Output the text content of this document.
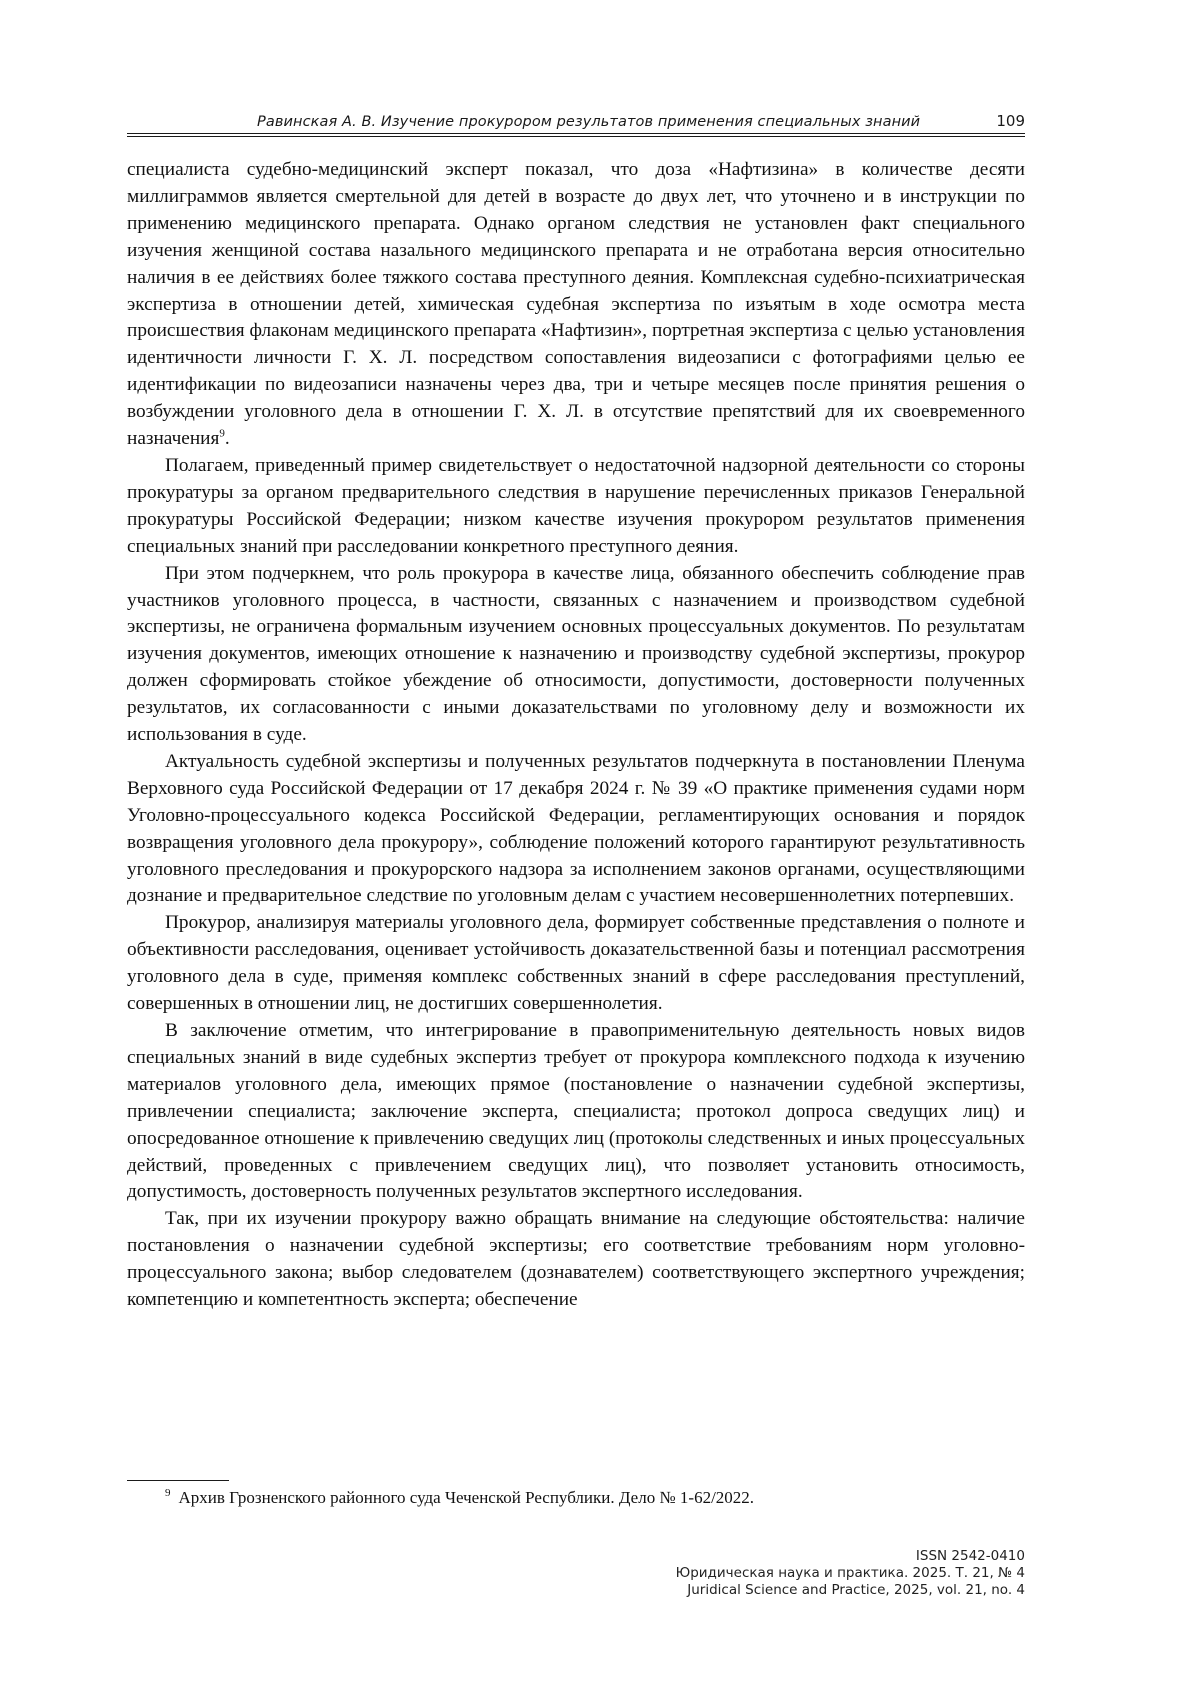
Равинская А. В. Изучение прокурором результатов применения специальных знаний	109

специалиста судебно-медицинский эксперт показал, что доза «Нафтизина» в количестве десяти миллиграммов является смертельной для детей в возрасте до двух лет, что уточнено и в инструкции по применению медицинского препарата. Однако органом следствия не установлен факт специального изучения женщиной состава назального медицинского препарата и не отработана версия относительно наличия в ее действиях более тяжкого состава преступного деяния. Комплексная судебно-психиатрическая экспертиза в отношении детей, химическая судебная экспертиза по изъятым в ходе осмотра места происшествия флаконам медицинского препарата «Нафтизин», портретная экспертиза с целью установления идентичности личности Г. Х. Л. посредством сопоставления видеозаписи с фотографиями целью ее идентификации по видеозаписи назначены через два, три и четыре месяцев после принятия решения о возбуждении уголовного дела в отношении Г. Х. Л. в отсутствие препятствий для их своевременного назначения$^9$.

Полагаем, приведенный пример свидетельствует о недостаточной надзорной деятельности со стороны прокуратуры за органом предварительного следствия в нарушение перечисленных приказов Генеральной прокуратуры Российской Федерации; низком качестве изучения прокурором результатов применения специальных знаний при расследовании конкретного преступного деяния.

При этом подчеркнем, что роль прокурора в качестве лица, обязанного обеспечить соблюдение прав участников уголовного процесса, в частности, связанных с назначением и производством судебной экспертизы, не ограничена формальным изучением основных процессуальных документов. По результатам изучения документов, имеющих отношение к назначению и производству судебной экспертизы, прокурор должен сформировать стойкое убеждение об относимости, допустимости, достоверности полученных результатов, их согласованности с иными доказательствами по уголовному делу и возможности их использования в суде.

Актуальность судебной экспертизы и полученных результатов подчеркнута в постановлении Пленума Верховного суда Российской Федерации от 17 декабря 2024 г. № 39 «О практике применения судами норм Уголовно-процессуального кодекса Российской Федерации, регламентирующих основания и порядок возвращения уголовного дела прокурору», соблюдение положений которого гарантируют результативность уголовного преследования и прокурорского надзора за исполнением законов органами, осуществляющими дознание и предварительное следствие по уголовным делам с участием несовершеннолетних потерпевших.

Прокурор, анализируя материалы уголовного дела, формирует собственные представления о полноте и объективности расследования, оценивает устойчивость доказательственной базы и потенциал рассмотрения уголовного дела в суде, применяя комплекс собственных знаний в сфере расследования преступлений, совершенных в отношении лиц, не достигших совершеннолетия.

В заключение отметим, что интегрирование в правоприменительную деятельность новых видов специальных знаний в виде судебных экспертиз требует от прокурора комплексного подхода к изучению материалов уголовного дела, имеющих прямое (постановление о назначении судебной экспертизы, привлечении специалиста; заключение эксперта, специалиста; протокол допроса сведущих лиц) и опосредованное отношение к привлечению сведущих лиц (протоколы следственных и иных процессуальных действий, проведенных с привлечением сведущих лиц), что позволяет установить относимость, допустимость, достоверность полученных результатов экспертного исследования.

Так, при их изучении прокурору важно обращать внимание на следующие обстоятельства: наличие постановления о назначении судебной экспертизы; его соответствие требованиям норм уголовно-процессуального закона; выбор следователем (дознавателем) соответствующего экспертного учреждения; компетенцию и компетентность эксперта; обеспечение

$^9$ Архив Грозненского районного суда Чеченской Республики. Дело № 1-62/2022.
ISSN 2542-0410
Юридическая наука и практика. 2025. Т. 21, № 4
Juridical Science and Practice, 2025, vol. 21, no. 4
